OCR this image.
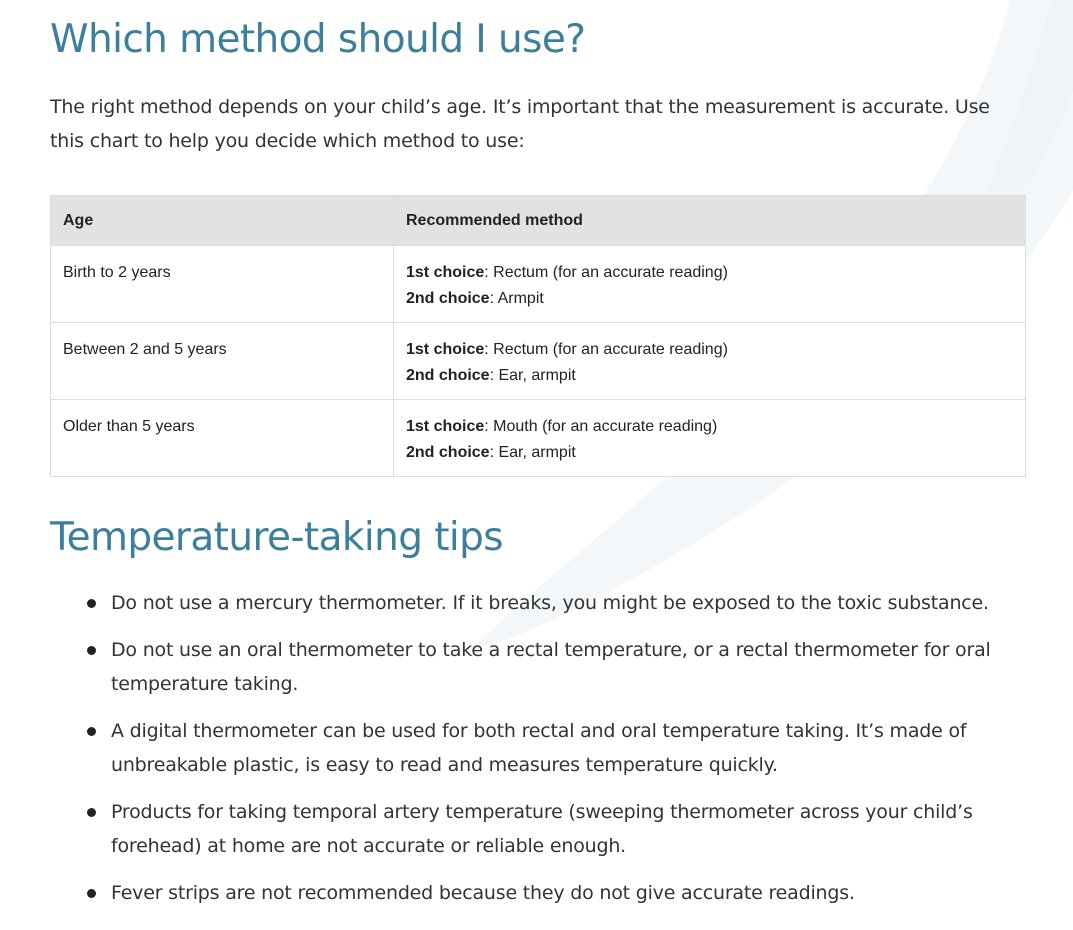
Which method should I use?

The right method depends on your child’s age. It’s important that the measurement is accurate. Use this chart to help you decide which method to use:

Age	Recommended method
Birth to 2 years	1st choice: Rectum (for an accurate reading)
2nd choice: Armpit

Between 2 and 5 years	1st choice: Rectum (for an accurate reading)
2nd choice: Ear, armpit

Older than 5 years	1st choice: Mouth (for an accurate reading)
2nd choice: Ear, armpit
Temperature-taking tips
Do not use a mercury thermometer. If it breaks, you might be exposed to the toxic substance.
Do not use an oral thermometer to take a rectal temperature, or a rectal thermometer for oral temperature taking.
A digital thermometer can be used for both rectal and oral temperature taking. It’s made of unbreakable plastic, is easy to read and measures temperature quickly.
Products for taking temporal artery temperature (sweeping thermometer across your child’s forehead) at home are not accurate or reliable enough.
Fever strips are not recommended because they do not give accurate readings.
